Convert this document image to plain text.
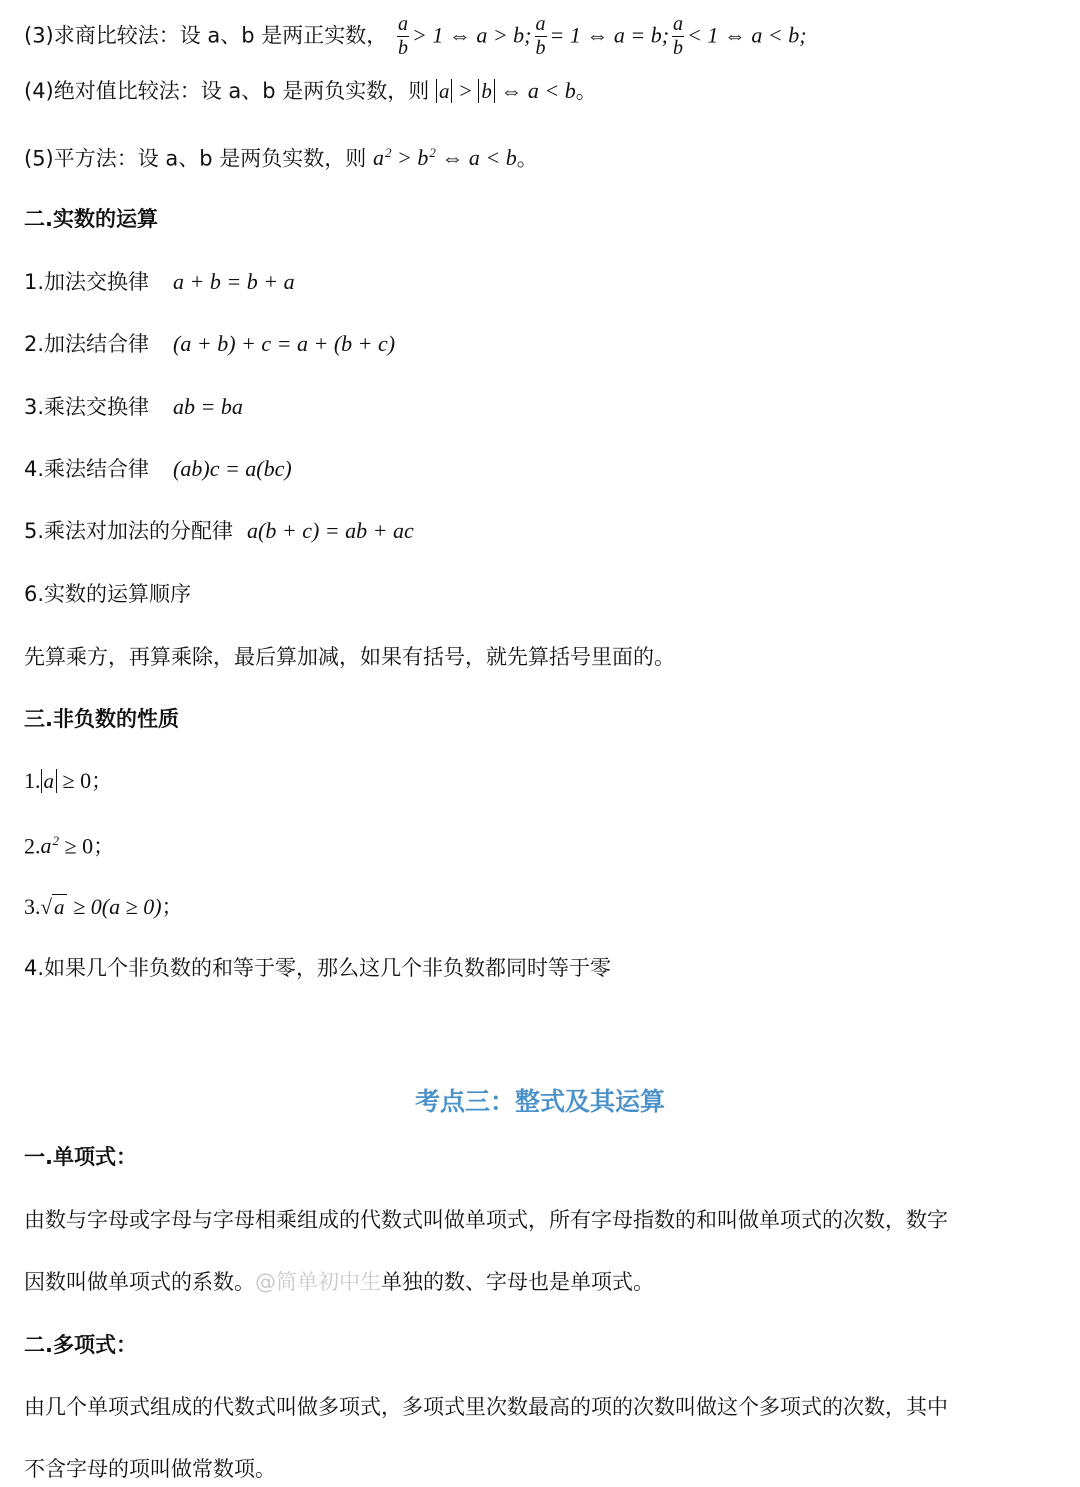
(3)求商比较法：设 a、b 是两正实数， $\frac{a}{b} > 1$ ⇔ a > b; $\frac{a}{b} = 1$ ⇔ a = b; $\frac{a}{b} < 1$ ⇔ a < b;
(4)绝对值比较法：设 a、b 是两负实数，则 a > b ⇔ a < b。
(5)平方法：设 a、b 是两负实数，则 $a^2 > b^2$ ⇔ a < b。
二.实数的运算
1.加法交换律 a + b = b + a
2.加法结合律 (a + b) + c = a + (b + c)
3.乘法交换律 ab = ba
4.乘法结合律 (ab)c = a(bc)
5.乘法对加法的分配律 a(b + c) = ab + ac
6.实数的运算顺序
先算乘方，再算乘除，最后算加减，如果有括号，就先算括号里面的。
三.非负数的性质
1. a ≥ 0；
$2.a^2 \ge 0$；
3.√a ≥ 0(a ≥ 0)；
4.如果几个非负数的和等于零，那么这几个非负数都同时等于零
考点三：整式及其运算
一.单项式：
由数与字母或字母与字母相乘组成的代数式叫做单项式，所有字母指数的和叫做单项式的次数，数字
因数叫做单项式的系数。@简单初中生单独的数、字母也是单项式。
二.多项式：
由几个单项式组成的代数式叫做多项式，多项式里次数最高的项的次数叫做这个多项式的次数，其中
不含字母的项叫做常数项。
